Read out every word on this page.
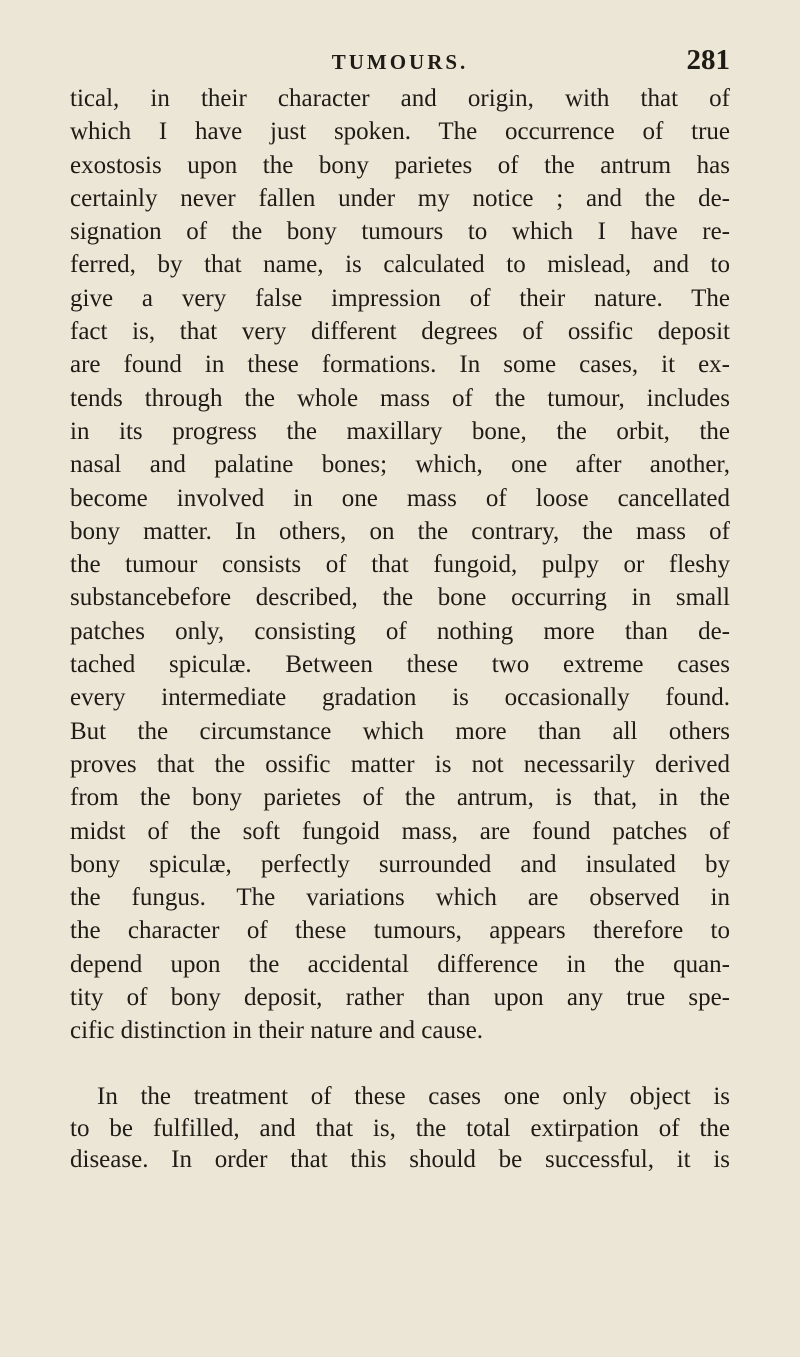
TUMOURS.	281
tical, in their character and origin, with that of
which I have just spoken. The occurrence of true
exostosis upon the bony parietes of the antrum has
certainly never fallen under my notice ; and the de-
signation of the bony tumours to which I have re-
ferred, by that name, is calculated to mislead, and to
give a very false impression of their nature. The
fact is, that very different degrees of ossific deposit
are found in these formations. In some cases, it ex-
tends through the whole mass of the tumour, includes
in its progress the maxillary bone, the orbit, the
nasal and palatine bones; which, one after another,
become involved in one mass of loose cancellated
bony matter. In others, on the contrary, the mass of
the tumour consists of that fungoid, pulpy or fleshy
substancebefore described, the bone occurring in small
patches only, consisting of nothing more than de-
tached spiculæ. Between these two extreme cases
every intermediate gradation is occasionally found.
But the circumstance which more than all others
proves that the ossific matter is not necessarily derived
from the bony parietes of the antrum, is that, in the
midst of the soft fungoid mass, are found patches of
bony spiculæ, perfectly surrounded and insulated by
the fungus. The variations which are observed in
the character of these tumours, appears therefore to
depend upon the accidental difference in the quan-
tity of bony deposit, rather than upon any true spe-
cific distinction in their nature and cause.
In the treatment of these cases one only object is
to be fulfilled, and that is, the total extirpation of the
disease. In order that this should be successful, it is
